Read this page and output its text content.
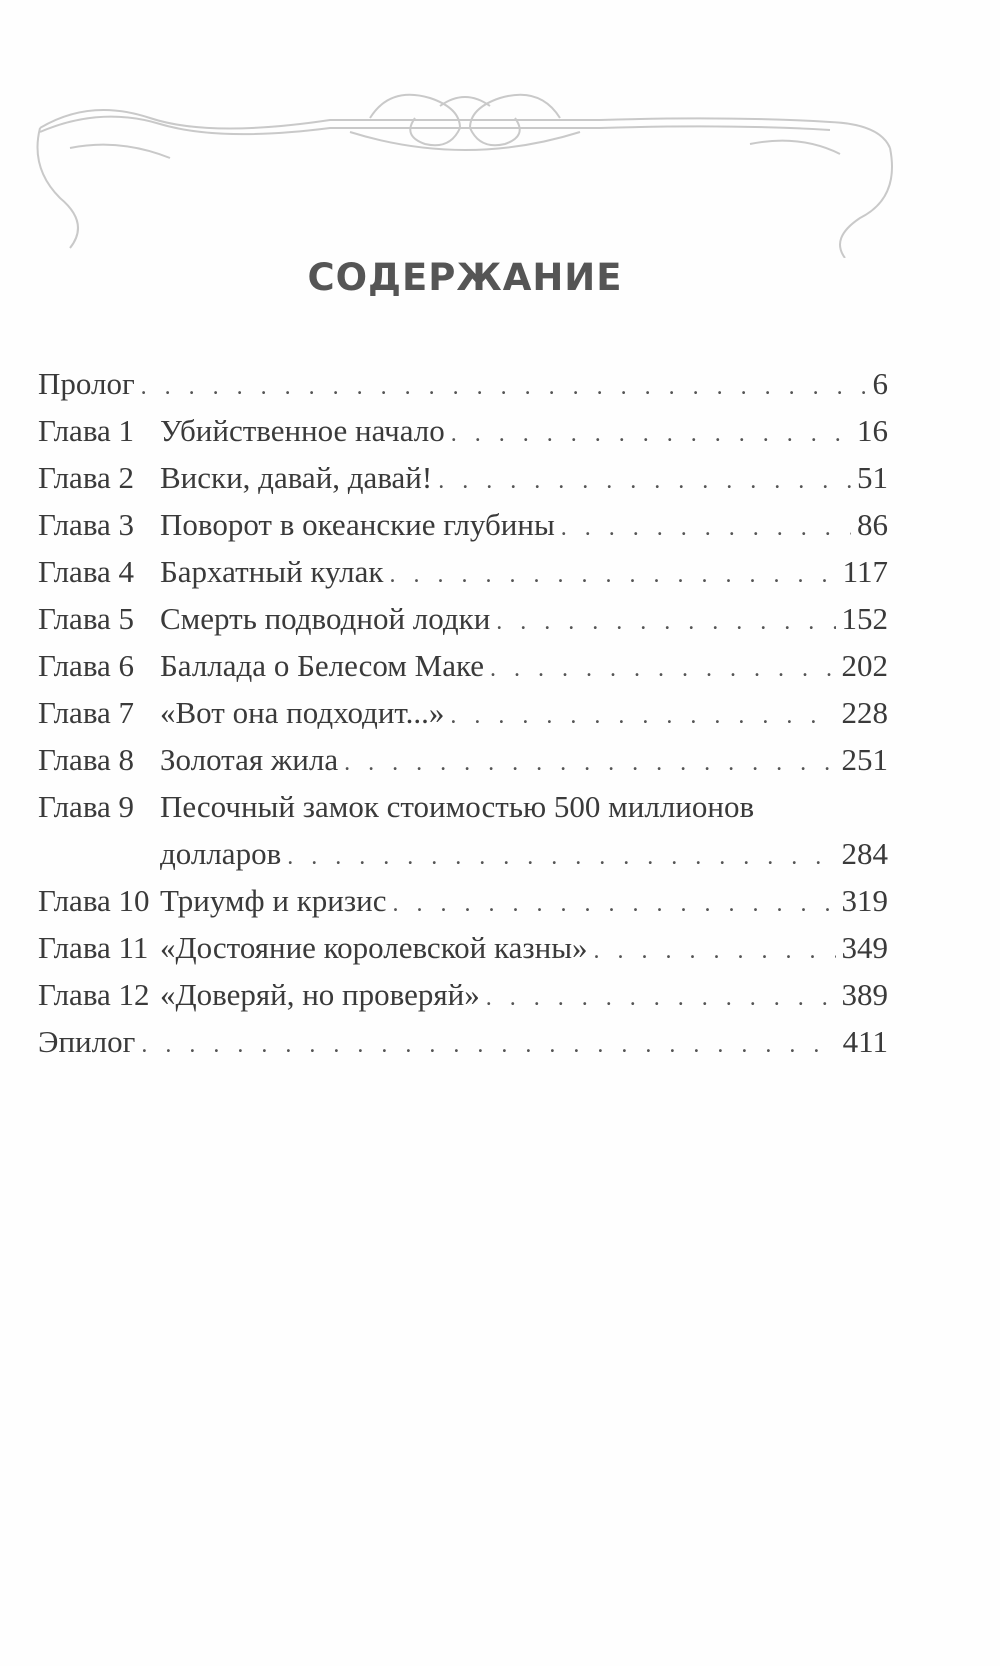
СОДЕРЖАНИЕ
Пролог . . .	6
Глава 1 Убийственное начало . . .	16
Глава 2 Виски, давай, давай! . . .	51
Глава 3 Поворот в океанские глубины . . .	86
Глава 4 Бархатный кулак . . .	117
Глава 5 Смерть подводной лодки . . .	152
Глава 6 Баллада о Белесом Маке . . .	202
Глава 7 «Вот она подходит...» . . .	228
Глава 8 Золотая жила . . .	251
Глава 9 Песочный замок стоимостью 500 миллионов
долларов . . .	284
Глава 10 Триумф и кризис . . .	319
Глава 11 «Достояние королевской казны» . . .	349
Глава 12 «Доверяй, но проверяй» . . .	389
Эпилог . . .	411
